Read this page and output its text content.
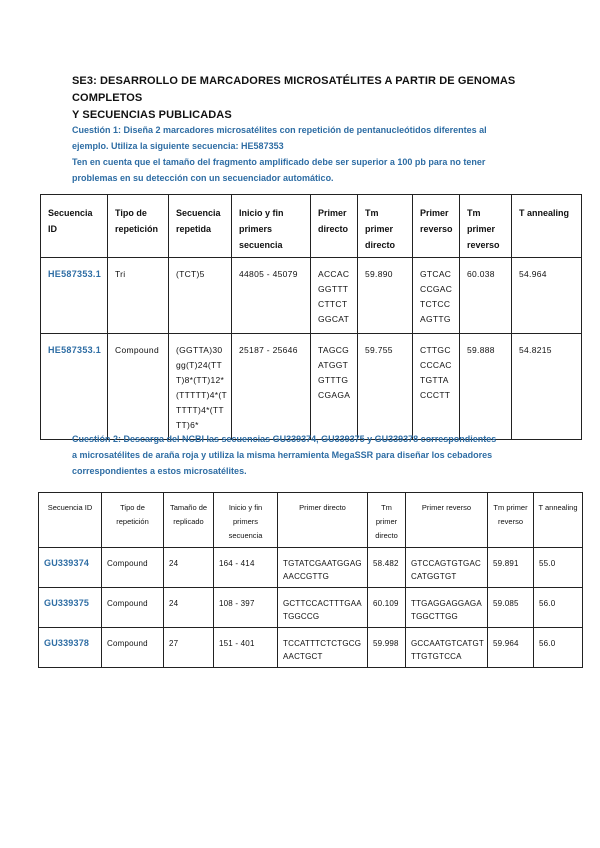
SE3: DESARROLLO DE MARCADORES MICROSATÉLITES A PARTIR DE GENOMAS COMPLETOS
Y SECUENCIAS PUBLICADAS
Cuestión 1: Diseña 2 marcadores microsatélites con repetición de pentanucleótidos diferentes al
ejemplo. Utiliza la siguiente secuencia: HE587353
Ten en cuenta que el tamaño del fragmento amplificado debe ser superior a 100 pb para no tener
problemas en su detección con un secuenciador automático.
Secuencia ID	Tipo de repetición	Secuencia repetida	Inicio y fin primers secuencia	Primer directo	Tm primer directo	Primer reverso	Tm primer reverso	T annealing
HE587353.1	Tri	(TCT)5	44805 - 45079	ACCACGGTTTCTTCTGGCAT	59.890	GTCACCCGACTCTCCAGTTG	60.038	54.964
HE587353.1	Compound	(GGTTA)30 gg(T)24(TTT)8*(TT)12*(TTTTT)4*(TTTTT)4*(TTTT)6*	25187 - 25646	TAGCGATGGTGTTTGCGAGA	59.755	CTTGCCCCACTGTTACCCTT	59.888	54.8215
Cuestión 2: Descarga del NCBI las secuencias GU339374, GU339375 y GU339378 correspondientes
a microsatélites de araña roja y utiliza la misma herramienta MegaSSR para diseñar los cebadores
correspondientes a estos microsatélites.
Secuencia ID	Tipo de repetición	Tamaño de replicado	Inicio y fin primers secuencia	Primer directo	Tm primer directo	Primer reverso	Tm primer reverso	T annealing
GU339374	Compound	24	164 - 414	TGTATCGAATGGAGAACCGTTG	58.482	GTCCAGTGTGACCATGGTGT	59.891	55.0
GU339375	Compound	24	108 - 397	GCTTCCACTTTGAATGGCCG	60.109	TTGAGGAGGAGATGGCTTGG	59.085	56.0
GU339378	Compound	27	151 - 401	TCCATTTCTCTGCGAACTGCT	59.998	GCCAATGTCATGTTTGTGTCCA	59.964	56.0
